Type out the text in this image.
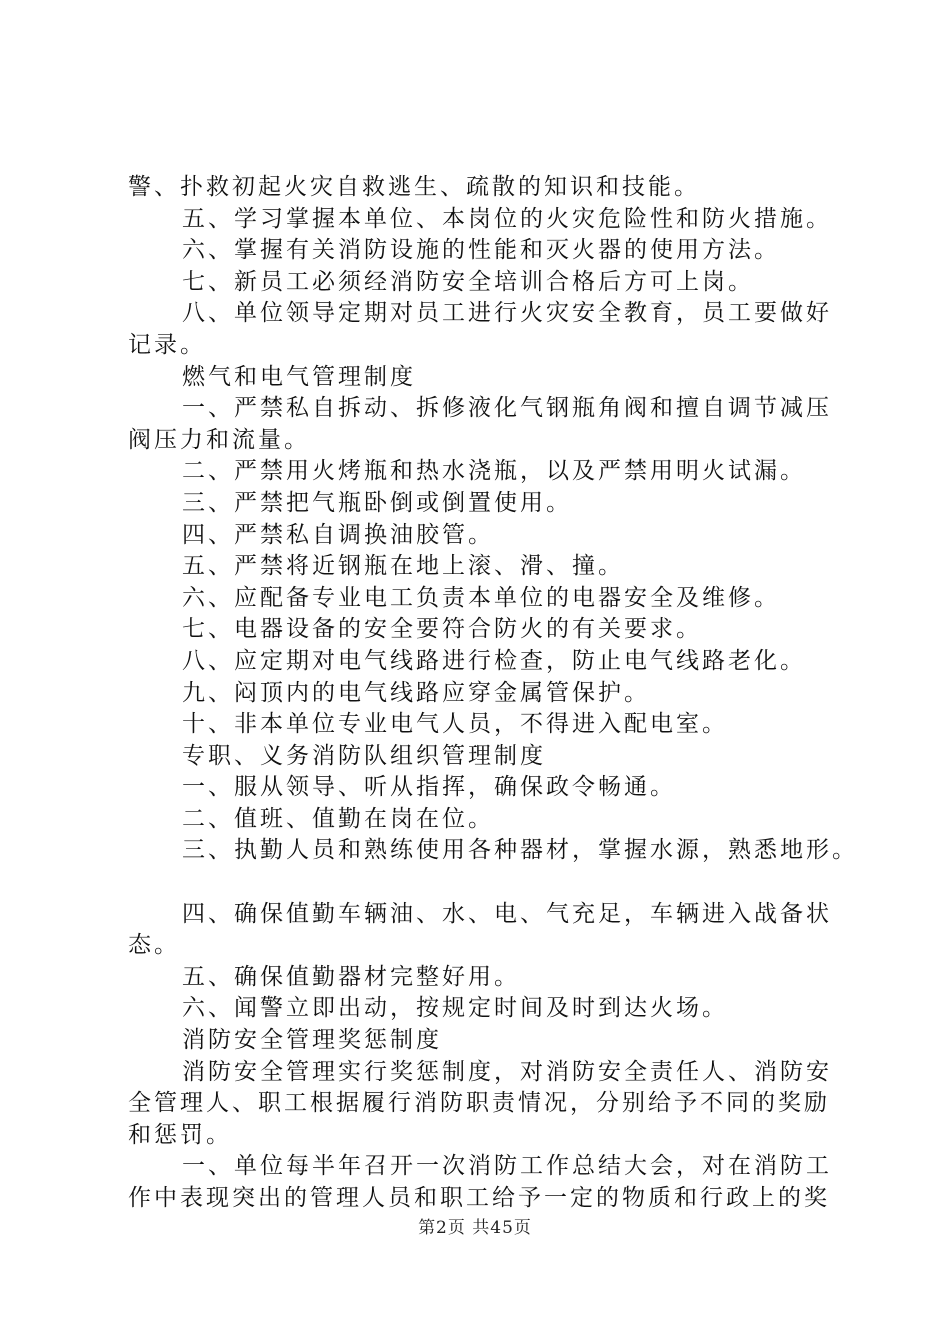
警、扑救初起火灾自救逃生、疏散的知识和技能。
五、学习掌握本单位、本岗位的火灾危险性和防火措施。
六、掌握有关消防设施的性能和灭火器的使用方法。
七、新员工必须经消防安全培训合格后方可上岗。
八、单位领导定期对员工进行火灾安全教育，员工要做好
记录。
燃气和电气管理制度
一、严禁私自拆动、拆修液化气钢瓶角阀和擅自调节减压
阀压力和流量。
二、严禁用火烤瓶和热水浇瓶，以及严禁用明火试漏。
三、严禁把气瓶卧倒或倒置使用。
四、严禁私自调换油胶管。
五、严禁将近钢瓶在地上滚、滑、撞。
六、应配备专业电工负责本单位的电器安全及维修。
七、电器设备的安全要符合防火的有关要求。
八、应定期对电气线路进行检查，防止电气线路老化。
九、闷顶内的电气线路应穿金属管保护。
十、非本单位专业电气人员，不得进入配电室。
专职、义务消防队组织管理制度
一、服从领导、听从指挥，确保政令畅通。
二、值班、值勤在岗在位。
三、执勤人员和熟练使用各种器材，掌握水源，熟悉地形。
四、确保值勤车辆油、水、电、气充足，车辆进入战备状
态。
五、确保值勤器材完整好用。
六、闻警立即出动，按规定时间及时到达火场。
消防安全管理奖惩制度
消防安全管理实行奖惩制度，对消防安全责任人、消防安
全管理人、职工根据履行消防职责情况，分别给予不同的奖励
和惩罚。
一、单位每半年召开一次消防工作总结大会，对在消防工
作中表现突出的管理人员和职工给予一定的物质和行政上的奖
第2页 共45页
